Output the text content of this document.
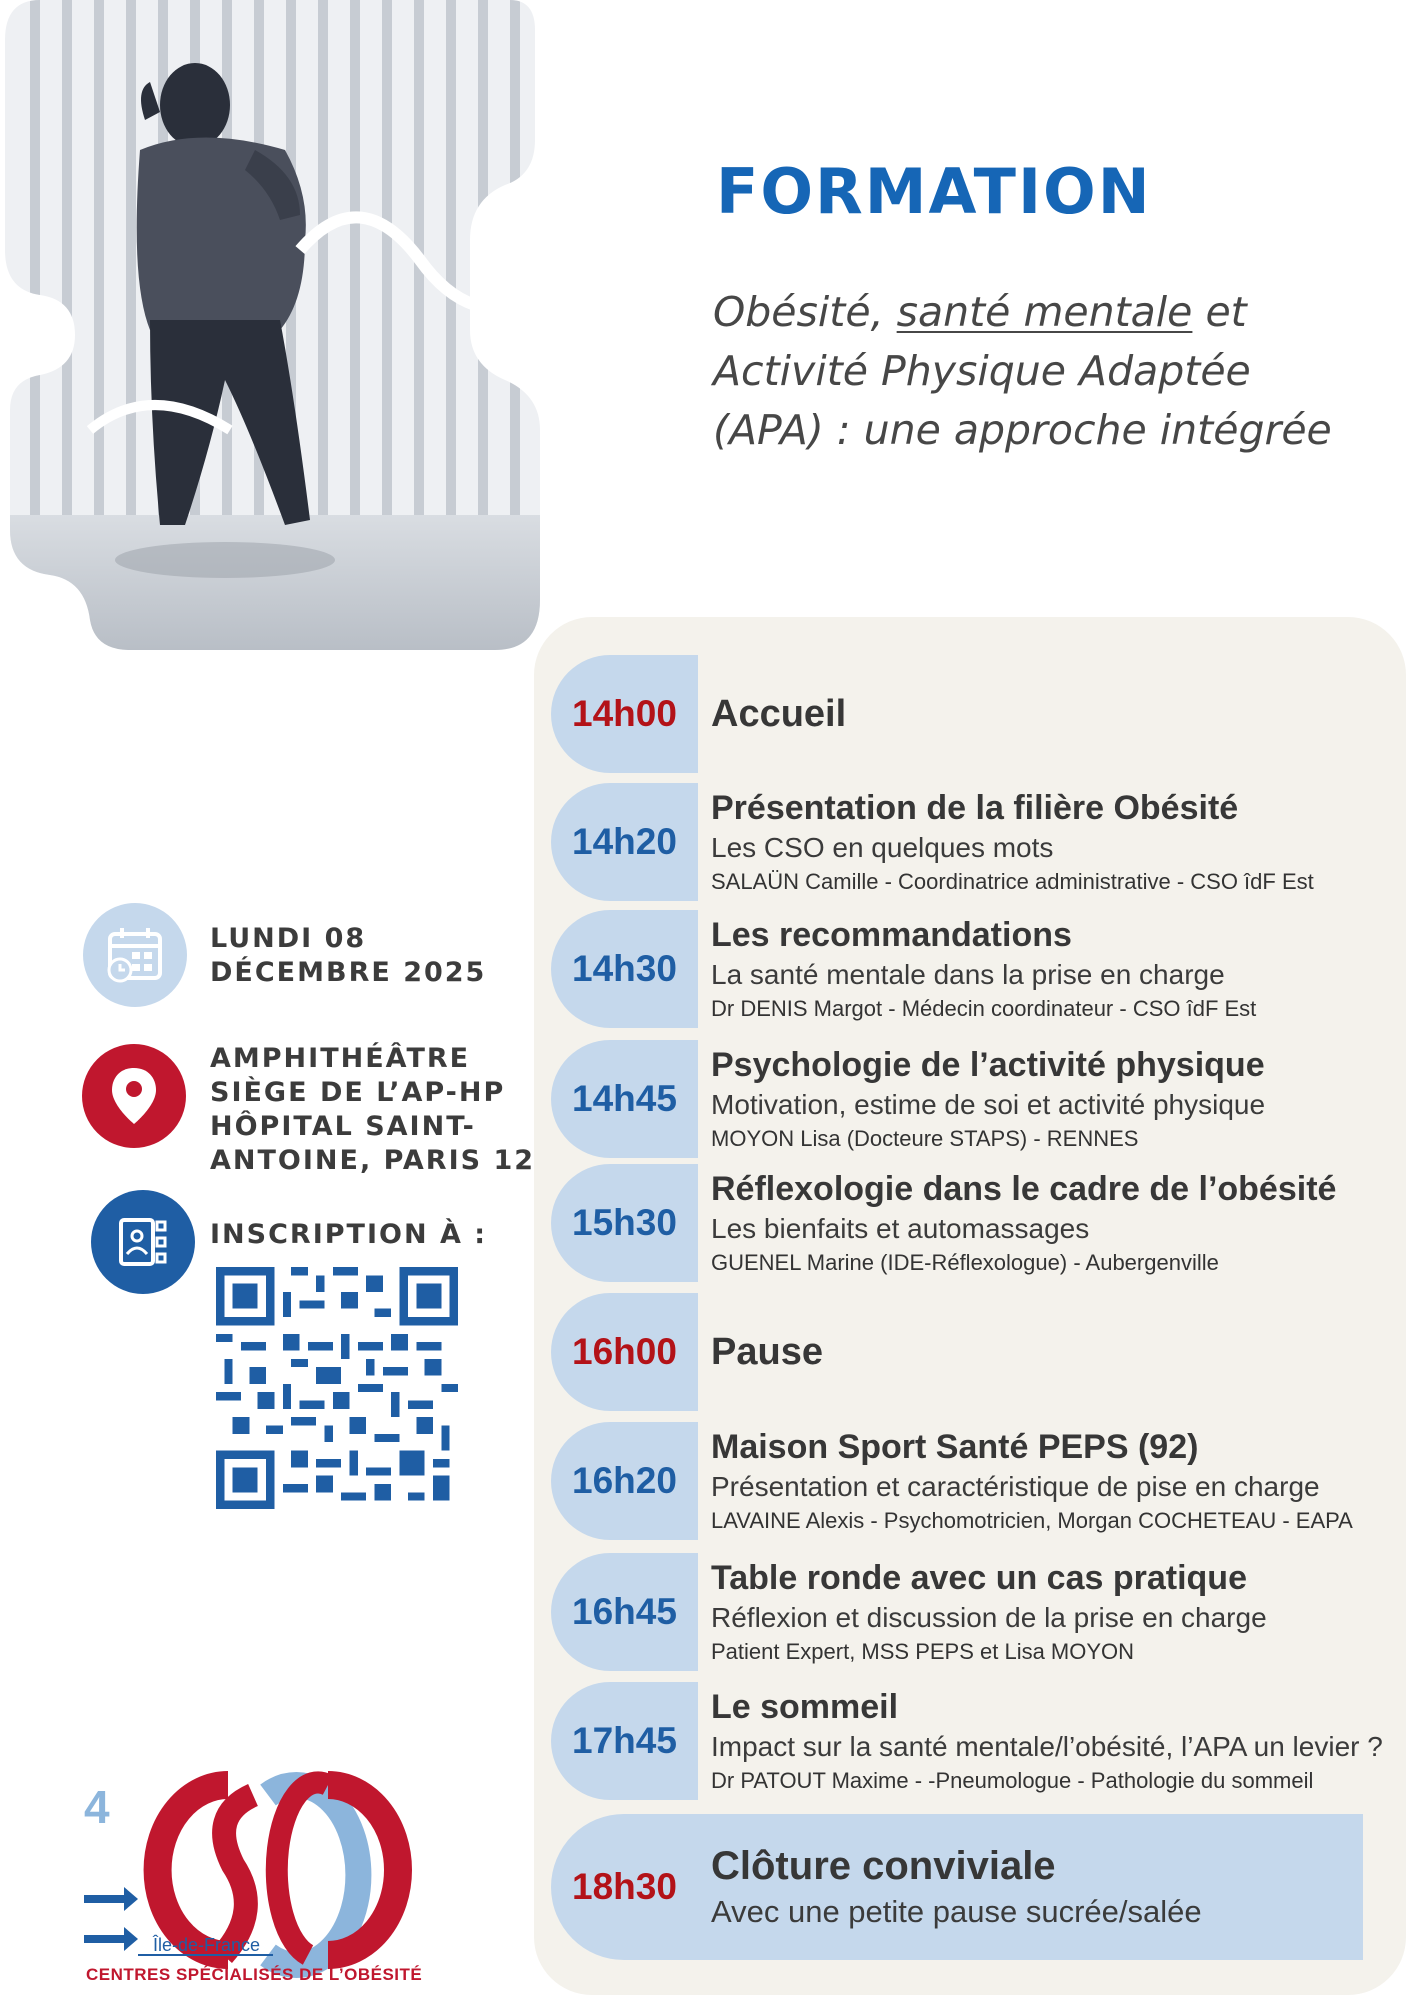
FORMATION
Obésité, santé mentale et Activité Physique Adaptée (APA) : une approche intégrée
14h00 Accueil
14h20
Présentation de la filière Obésité
Les CSO en quelques mots
SALAÜN Camille - Coordinatrice administrative - CSO îdF Est
14h30
Les recommandations
La santé mentale dans la prise en charge
Dr DENIS Margot - Médecin coordinateur - CSO îdF Est
14h45
Psychologie de l’activité physique
Motivation, estime de soi et activité physique
MOYON Lisa (Docteure STAPS) - RENNES
15h30
Réflexologie dans le cadre de l’obésité
Les bienfaits et automassages
GUENEL Marine (IDE-Réflexologue) - Aubergenville
16h00 Pause
16h20
Maison Sport Santé PEPS (92)
Présentation et caractéristique de pise en charge
LAVAINE Alexis - Psychomotricien, Morgan COCHETEAU - EAPA
16h45
Table ronde avec un cas pratique
Réflexion et discussion de la prise en charge
Patient Expert, MSS PEPS et Lisa MOYON
17h45
Le sommeil
Impact sur la santé mentale/l’obésité, l’APA un levier ?
Dr PATOUT Maxime - -Pneumologue - Pathologie du sommeil
18h30 Clôture conviviale
Avec une petite pause sucrée/salée
LUNDI 08
DÉCEMBRE 2025
AMPHITHÉÂTRE
SIÈGE DE L’AP-HP
HÔPITAL SAINT-
ANTOINE, PARIS 12
INSCRIPTION À :
4
Île-de-France
CENTRES SPÉCIALISÉS DE L’OBÉSITÉ
